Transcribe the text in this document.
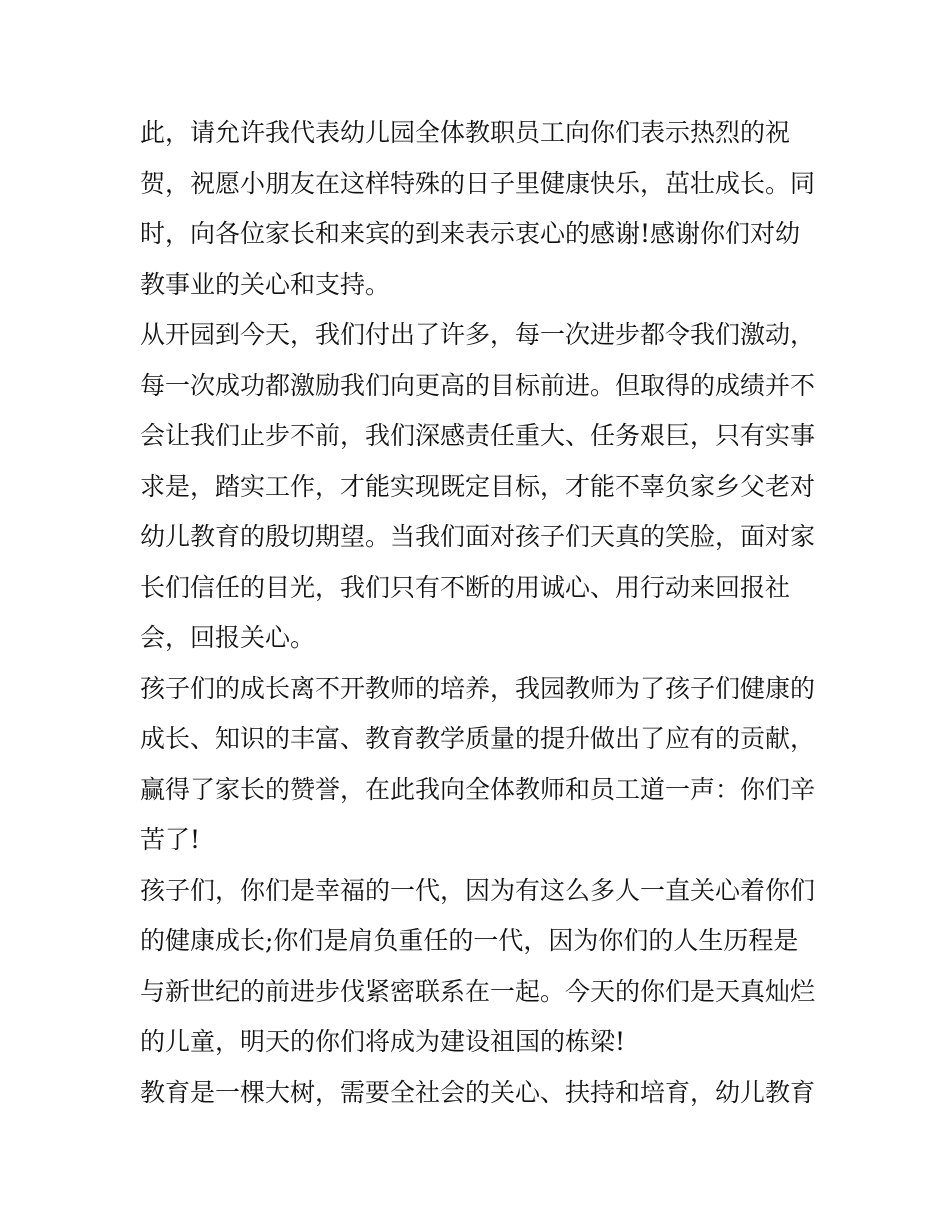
此，请允许我代表幼儿园全体教职员工向你们表示热烈的祝
贺，祝愿小朋友在这样特殊的日子里健康快乐，茁壮成长。同
时，向各位家长和来宾的到来表示衷心的感谢!感谢你们对幼
教事业的关心和支持。
从开园到今天，我们付出了许多，每一次进步都令我们激动，
每一次成功都激励我们向更高的目标前进。但取得的成绩并不
会让我们止步不前，我们深感责任重大、任务艰巨，只有实事
求是，踏实工作，才能实现既定目标，才能不辜负家乡父老对
幼儿教育的殷切期望。当我们面对孩子们天真的笑脸，面对家
长们信任的目光，我们只有不断的用诚心、用行动来回报社
会，回报关心。
孩子们的成长离不开教师的培养，我园教师为了孩子们健康的
成长、知识的丰富、教育教学质量的提升做出了应有的贡献，
赢得了家长的赞誉，在此我向全体教师和员工道一声：你们辛
苦了!
孩子们，你们是幸福的一代，因为有这么多人一直关心着你们
的健康成长;你们是肩负重任的一代，因为你们的人生历程是
与新世纪的前进步伐紧密联系在一起。今天的你们是天真灿烂
的儿童，明天的你们将成为建设祖国的栋梁!
教育是一棵大树，需要全社会的关心、扶持和培育，幼儿教育
